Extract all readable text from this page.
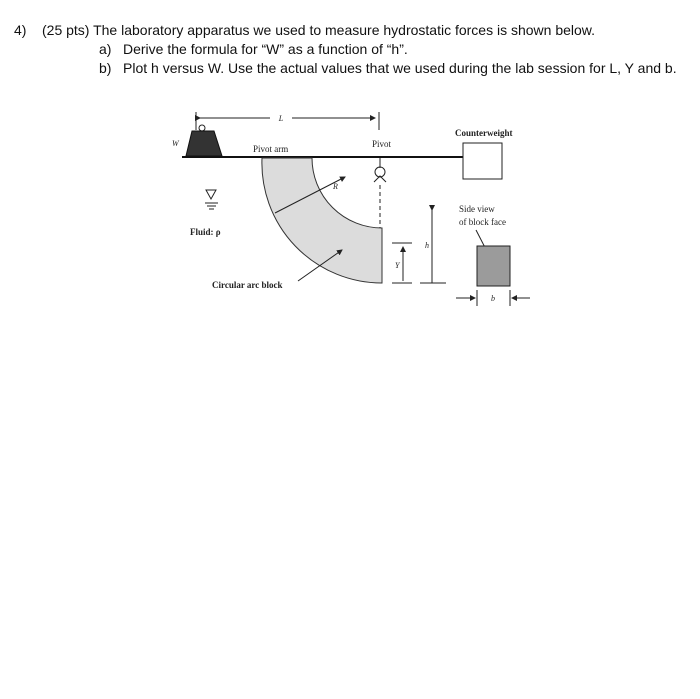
4) (25 pts) The laboratory apparatus we used to measure hydrostatic forces is shown below.
a) Derive the formula for “W” as a function of “h”.
b) Plot h versus W. Use the actual values that we used during the lab session for L, Y and b.
L
W
Pivot arm	Pivot
Counterweight
R
Fluid: ρ
Circular arc block
Y
h
Side view
of block face
b
